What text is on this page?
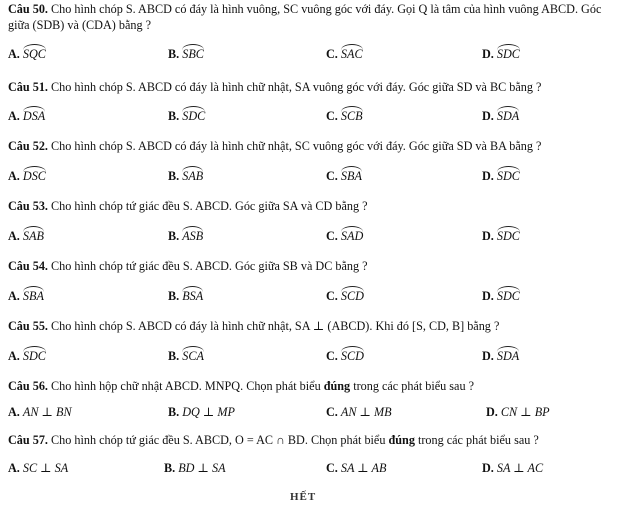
Câu 50. Cho hình chóp S. ABCD có đáy là hình vuông, SC vuông góc với đáy. Gọi Q là tâm của hình vuông ABCD. Góc giữa (SDB) và (CDA) bằng ?
A. SQC	B. SBC	C. SAC	D. SDC
Câu 51. Cho hình chóp S. ABCD có đáy là hình chữ nhật, SA vuông góc với đáy. Góc giữa SD và BC bằng ?
A. DSA	B. SDC	C. SCB	D. SDA
Câu 52. Cho hình chóp S. ABCD có đáy là hình chữ nhật, SC vuông góc với đáy. Góc giữa SD và BA bằng ?
A. DSC	B. SAB	C. SBA	D. SDC
Câu 53. Cho hình chóp tứ giác đều S. ABCD. Góc giữa SA và CD bằng ?
A. SAB	B. ASB	C. SAD	D. SDC
Câu 54. Cho hình chóp tứ giác đều S. ABCD. Góc giữa SB và DC bằng ?
A. SBA	B. BSA	C. SCD	D. SDC
Câu 55. Cho hình chóp S. ABCD có đáy là hình chữ nhật, SA ⊥ (ABCD). Khi đó [S, CD, B] bằng ?
A. SDC	B. SCA	C. SCD	D. SDA
Câu 56. Cho hình hộp chữ nhật ABCD. MNPQ. Chọn phát biểu đúng trong các phát biểu sau ?
A. AN ⊥ BN	B. DQ ⊥ MP	C. AN ⊥ MB	D. CN ⊥ BP
Câu 57. Cho hình chóp tứ giác đều S. ABCD, O = AC ∩ BD. Chọn phát biểu đúng trong các phát biểu sau ?
A. SC ⊥ SA	B. BD ⊥ SA	C. SA ⊥ AB	D. SA ⊥ AC
HẾT
